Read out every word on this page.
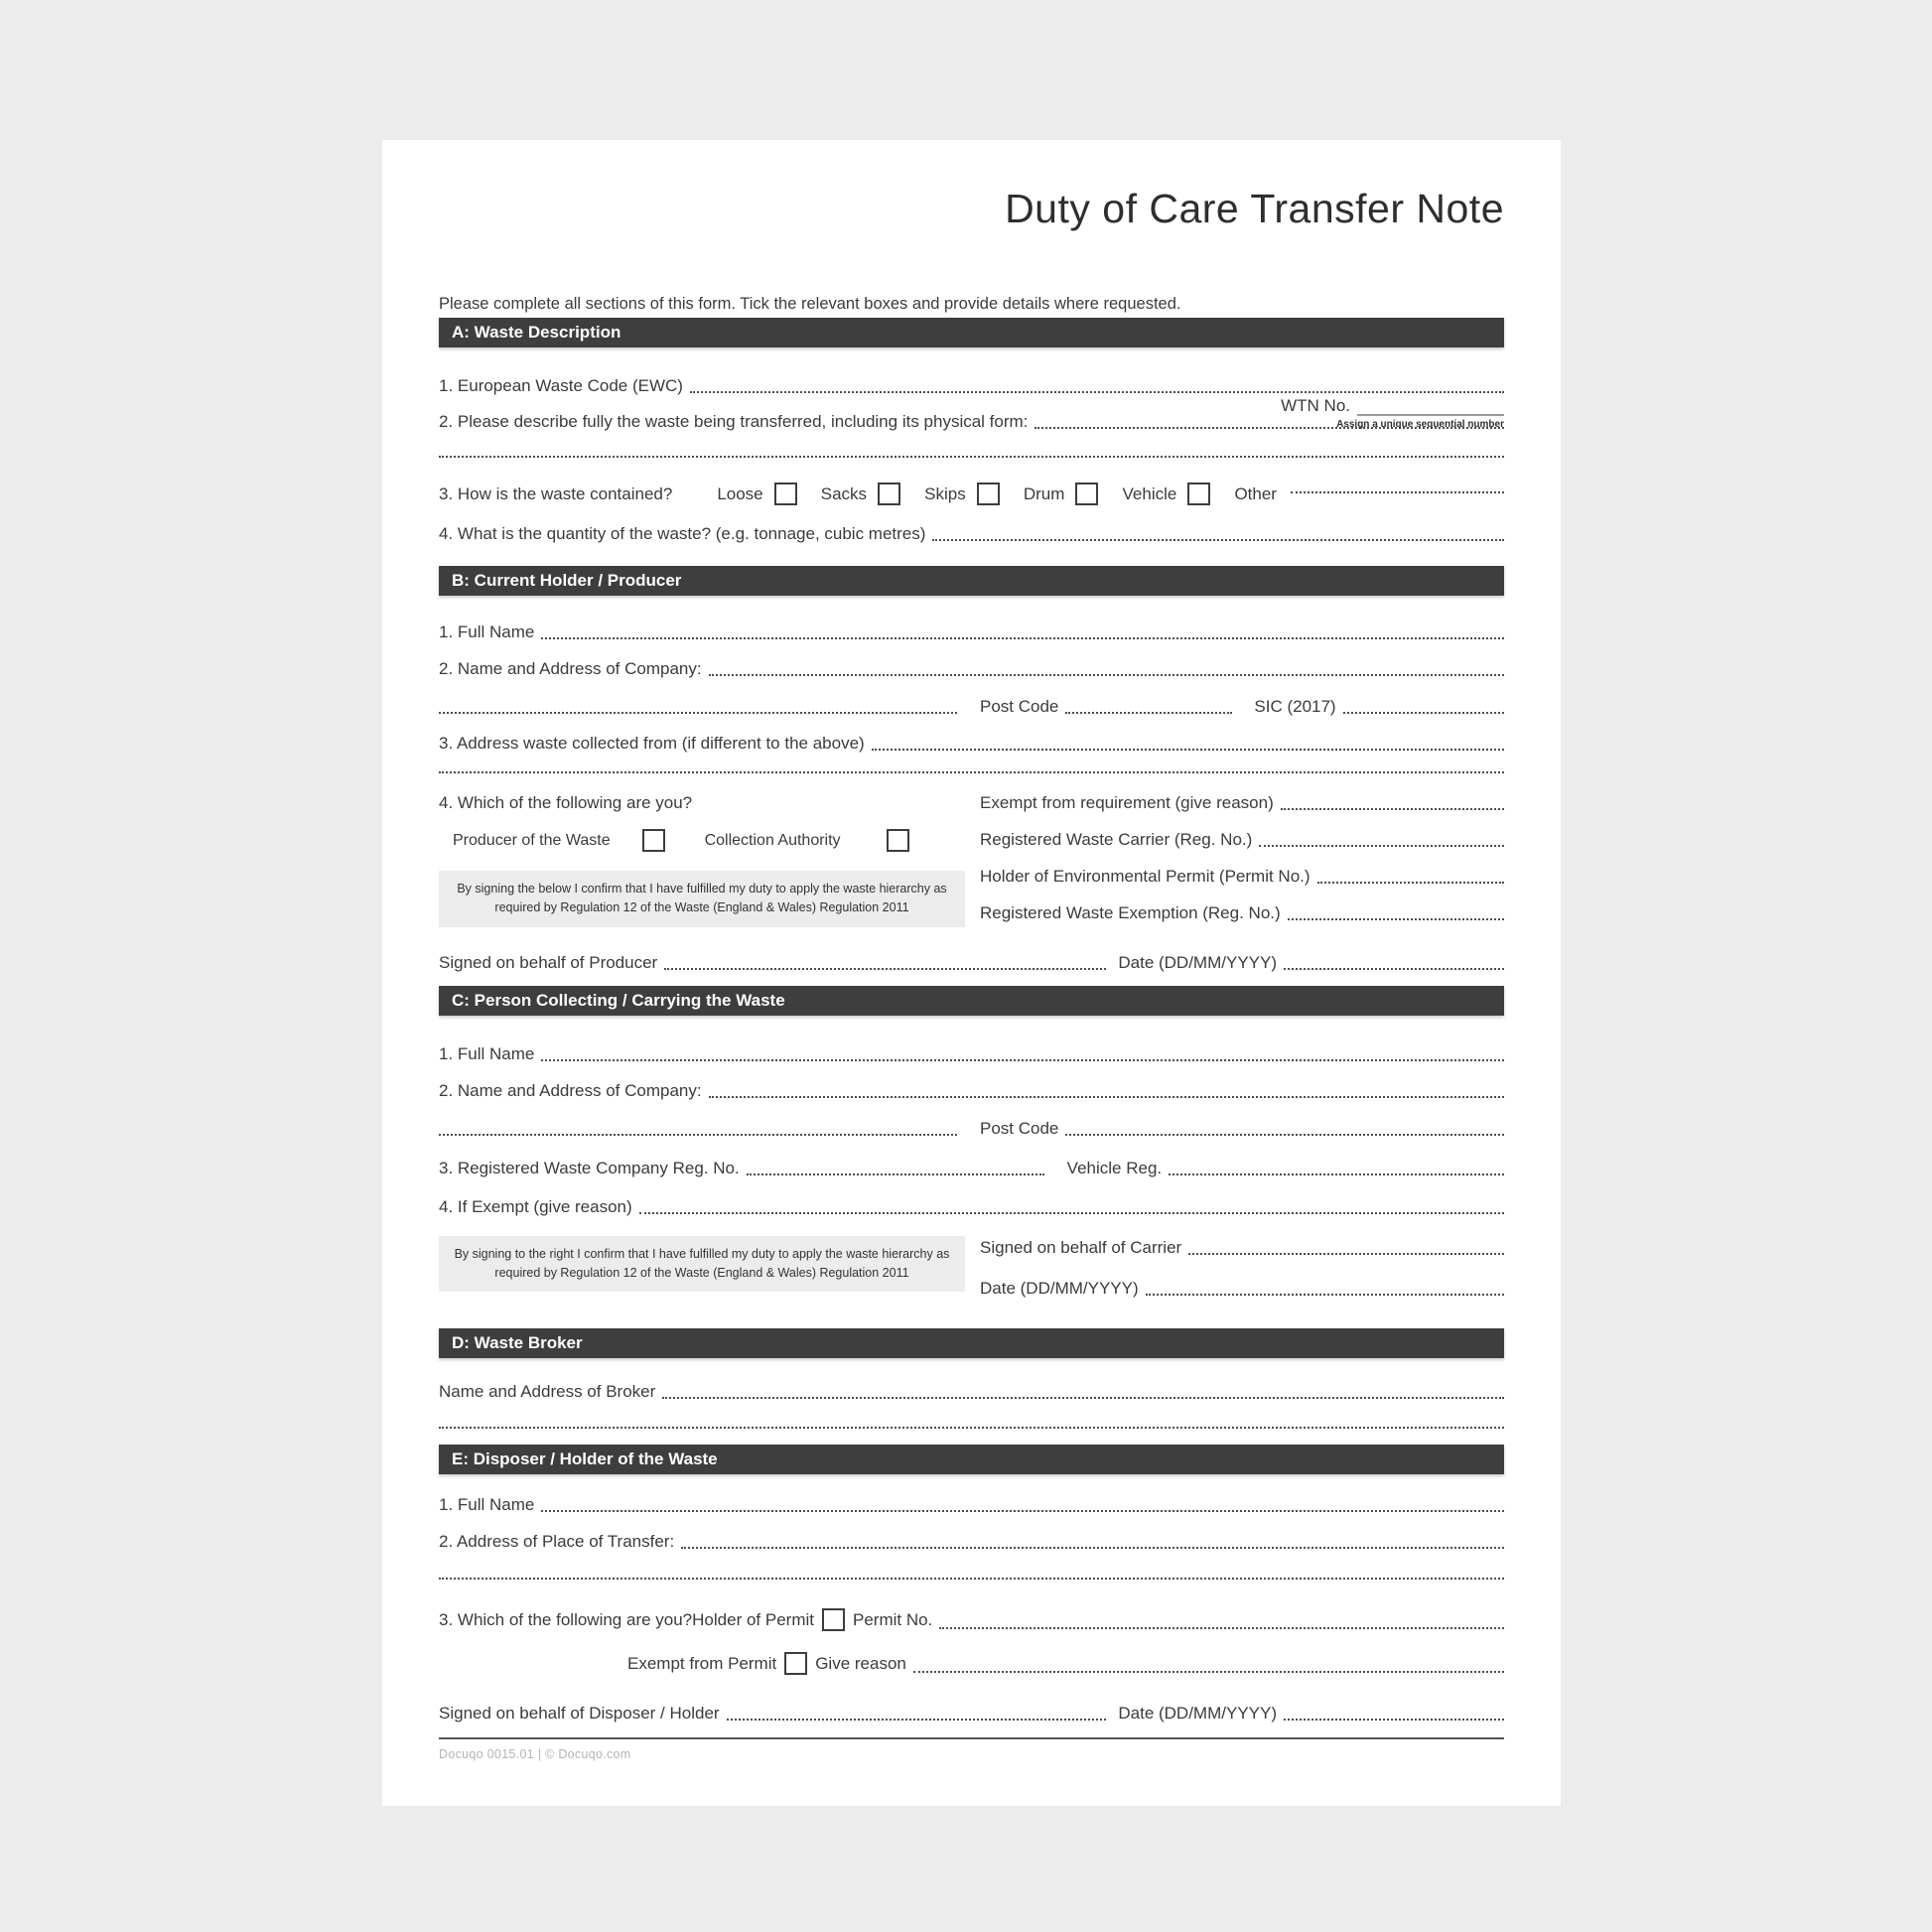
Duty of Care Transfer Note
WTN No.
Assign a unique sequential number
Please complete all sections of this form. Tick the relevant boxes and provide details where requested.
A: Waste Description
1. European Waste Code (EWC)
2. Please describe fully the waste being transferred, including its physical form:
3. How is the waste contained?	Loose	Sacks	Skips	Drum	Vehicle	Other
4. What is the quantity of the waste? (e.g. tonnage, cubic metres)
B: Current Holder / Producer
1. Full Name
2. Name and Address of Company:
Post Code	SIC (2017)
3. Address waste collected from (if different to the above)
4. Which of the following are you?
Producer of the Waste	Collection Authority
By signing the below I confirm that I have fulfilled my duty to apply the waste hierarchy as required by Regulation 12 of the Waste (England & Wales) Regulation 2011
Exempt from requirement (give reason)
Registered Waste Carrier (Reg. No.)
Holder of Environmental Permit (Permit No.)
Registered Waste Exemption (Reg. No.)
Signed on behalf of Producer	Date (DD/MM/YYYY)
C: Person Collecting / Carrying the Waste
1. Full Name
2. Name and Address of Company:
Post Code
3. Registered Waste Company Reg. No.	Vehicle Reg.
4. If Exempt (give reason)
By signing to the right I confirm that I have fulfilled my duty to apply the waste hierarchy as required by Regulation 12 of the Waste (England & Wales) Regulation 2011
Signed on behalf of Carrier
Date (DD/MM/YYYY)
D: Waste Broker
Name and Address of Broker
E: Disposer / Holder of the Waste
1. Full Name
2. Address of Place of Transfer:
3. Which of the following are you? Holder of Permit Permit No.
Exempt from Permit Give reason
Signed on behalf of Disposer / Holder	Date (DD/MM/YYYY)
Docuqo 0015.01 | © Docuqo.com
